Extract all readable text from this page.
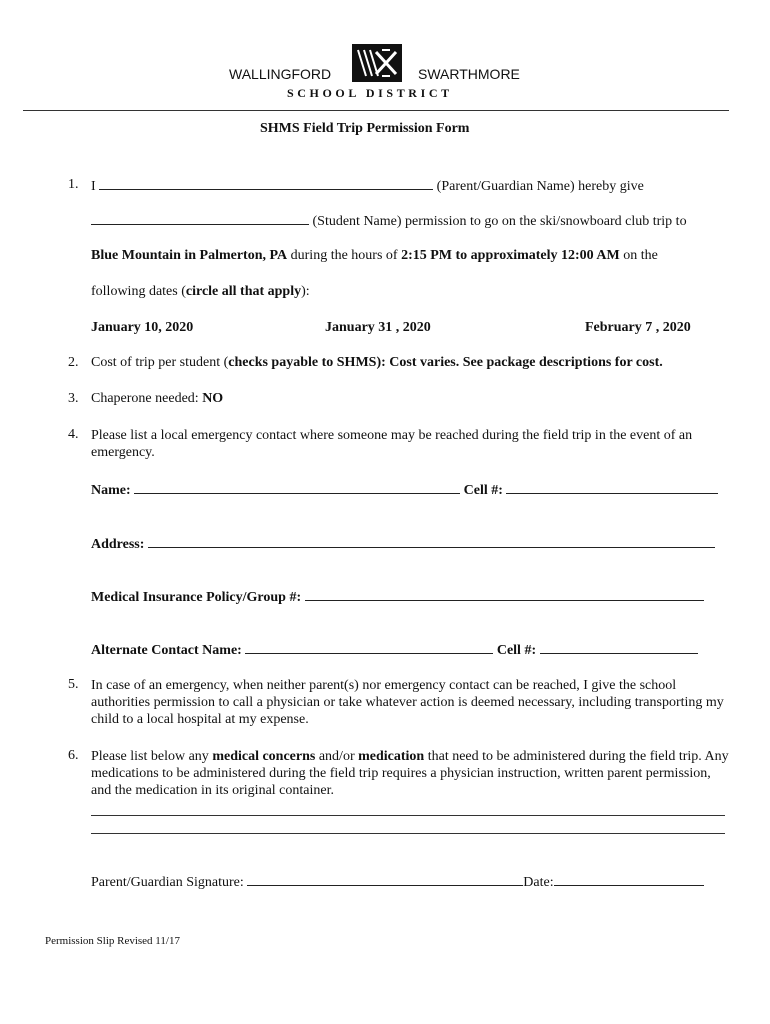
WALLINGFORD	SWARTHMORE
SCHOOL DISTRICT
SHMS Field Trip Permission Form
1. I	(Parent/Guardian Name) hereby give
(Student Name) permission to go on the ski/snowboard club trip to
Blue Mountain in Palmerton, PA during the hours of 2:15 PM to approximately 12:00 AM on the
following dates (circle all that apply):
January 10, 2020	January 31 , 2020	February 7 , 2020
2. Cost of trip per student (checks payable to SHMS): Cost varies. See package descriptions for cost.
3. Chaperone needed: NO
4. Please list a local emergency contact where someone may be reached during the field trip in the event of an emergency.
Name:	Cell #:
Address:
Medical Insurance Policy/Group #:
Alternate Contact Name:	Cell #:
5. In case of an emergency, when neither parent(s) nor emergency contact can be reached, I give the school authorities permission to call a physician or take whatever action is deemed necessary, including transporting my child to a local hospital at my expense.
6. Please list below any medical concerns and/or medication that need to be administered during the field trip. Any medications to be administered during the field trip requires a physician instruction, written parent permission, and the medication in its original container.
Parent/Guardian Signature:	Date:
Permission Slip Revised 11/17
